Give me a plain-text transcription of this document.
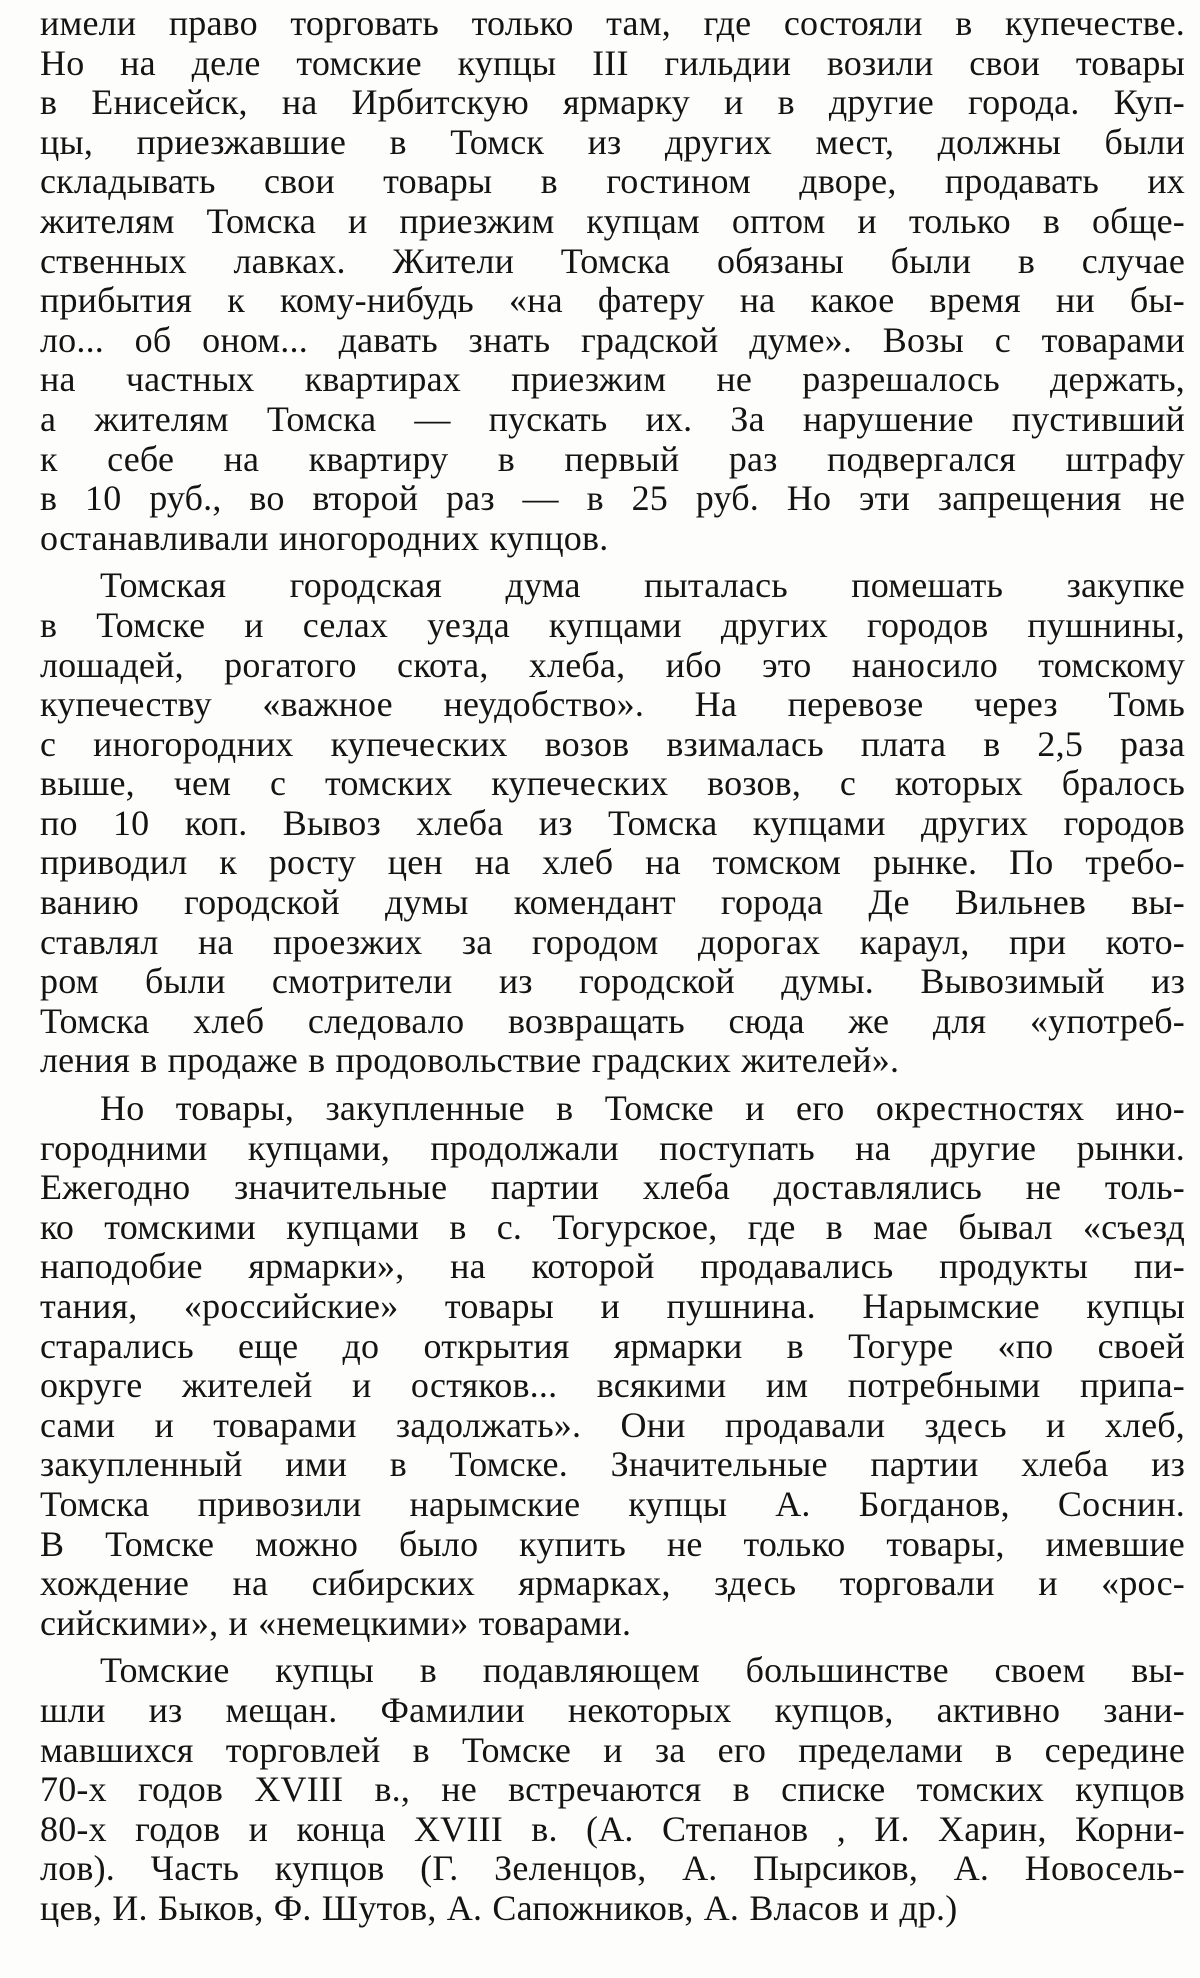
имели право торговать только там, где состояли в купечестве.
Но на деле томские купцы III гильдии возили свои товары
в Енисейск, на Ирбитскую ярмарку и в другие города. Куп-
цы, приезжавшие в Томск из других мест, должны были
складывать свои товары в гостином дворе, продавать их
жителям Томска и приезжим купцам оптом и только в обще-
ственных лавках. Жители Томска обязаны были в случае
прибытия к кому-нибудь «на фатеру на какое время ни бы-
ло... об оном... давать знать градской думе». Возы с товарами
на частных квартирах приезжим не разрешалось держать,
а жителям Томска — пускать их. За нарушение пустивший
к себе на квартиру в первый раз подвергался штрафу
в 10 руб., во второй раз — в 25 руб. Но эти запрещения не
останавливали иногородних купцов.
Томская городская дума пыталась помешать закупке
в Томске и селах уезда купцами других городов пушнины,
лошадей, рогатого скота, хлеба, ибо это наносило томскому
купечеству «важное неудобство». На перевозе через Томь
с иногородних купеческих возов взималась плата в 2,5 раза
выше, чем с томских купеческих возов, с которых бралось
по 10 коп. Вывоз хлеба из Томска купцами других городов
приводил к росту цен на хлеб на томском рынке. По требо-
ванию городской думы комендант города Де Вильнев вы-
ставлял на проезжих за городом дорогах караул, при кото-
ром были смотрители из городской думы. Вывозимый из
Томска хлеб следовало возвращать сюда же для «употреб-
ления в продаже в продовольствие градских жителей».
Но товары, закупленные в Томске и его окрестностях ино-
городними купцами, продолжали поступать на другие рынки.
Ежегодно значительные партии хлеба доставлялись не толь-
ко томскими купцами в с. Тогурское, где в мае бывал «съезд
наподобие ярмарки», на которой продавались продукты пи-
тания, «российские» товары и пушнина. Нарымские купцы
старались еще до открытия ярмарки в Тогуре «по своей
округе жителей и остяков... всякими им потребными припа-
сами и товарами задолжать». Они продавали здесь и хлеб,
закупленный ими в Томске. Значительные партии хлеба из
Томска привозили нарымские купцы А. Богданов, Соснин.
В Томске можно было купить не только товары, имевшие
хождение на сибирских ярмарках, здесь торговали и «рос-
сийскими», и «немецкими» товарами.
Томские купцы в подавляющем большинстве своем вы-
шли из мещан. Фамилии некоторых купцов, активно зани-
мавшихся торговлей в Томске и за его пределами в середине
70-х годов XVIII в., не встречаются в списке томских купцов
80-х годов и конца XVIII в. (А. Степанов , И. Харин, Корни-
лов). Часть купцов (Г. Зеленцов, А. Пырсиков, А. Новосель-
цев, И. Быков, Ф. Шутов, А. Сапожников, А. Власов и др.)
